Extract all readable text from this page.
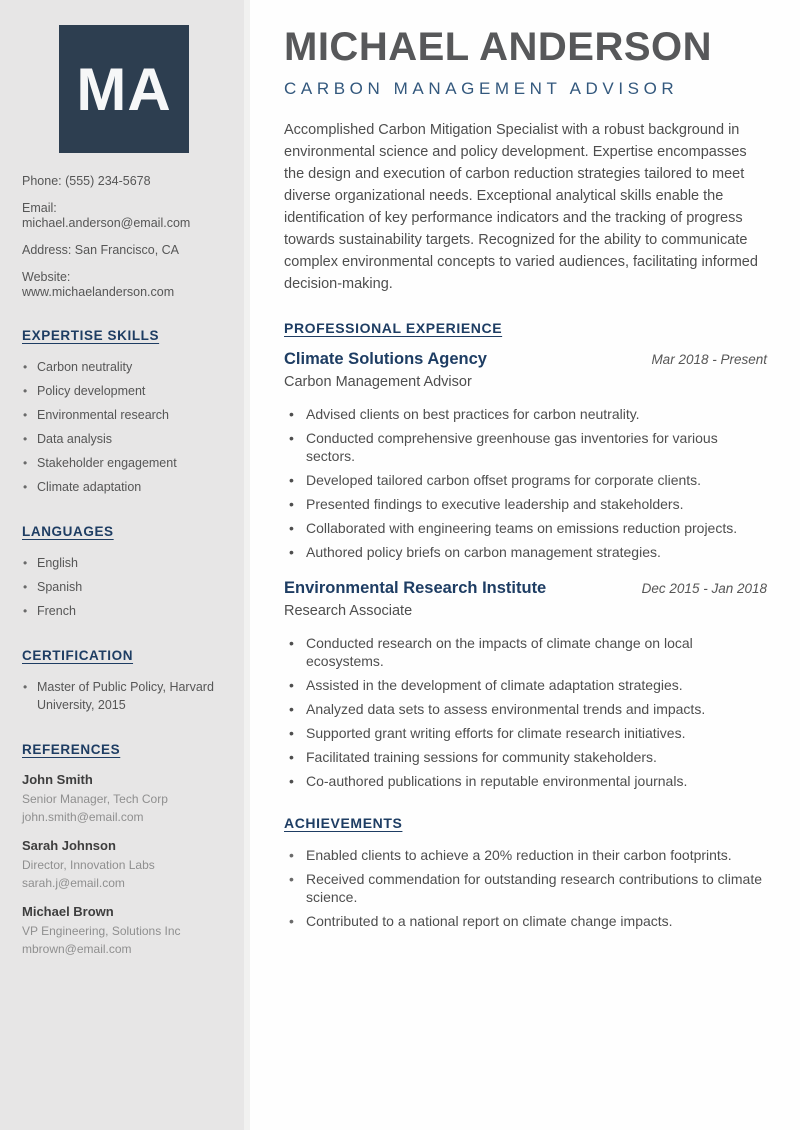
MA

Phone: (555) 234-5678

Email: michael.anderson@email.com

Address: San Francisco, CA

Website: www.michaelanderson.com

EXPERTISE SKILLS
• Carbon neutrality
• Policy development
• Environmental research
• Data analysis
• Stakeholder engagement
• Climate adaptation
LANGUAGES
• English
• Spanish
• French
CERTIFICATION
• Master of Public Policy, Harvard University, 2015
REFERENCES

John Smith

Senior Manager, Tech Corp

john.smith@email.com

Sarah Johnson

Director, Innovation Labs

sarah.j@email.com

Michael Brown

VP Engineering, Solutions Inc

mbrown@email.com

MICHAEL ANDERSON
CARBON MANAGEMENT ADVISOR

Accomplished Carbon Mitigation Specialist with a robust background in environmental science and policy development. Expertise encompasses the design and execution of carbon reduction strategies tailored to meet diverse organizational needs. Exceptional analytical skills enable the identification of key performance indicators and the tracking of progress towards sustainability targets. Recognized for the ability to communicate complex environmental concepts to varied audiences, facilitating informed decision-making.

PROFESSIONAL EXPERIENCE
Climate Solutions Agency	Mar 2018 - Present
Carbon Management Advisor
• Advised clients on best practices for carbon neutrality.
• Conducted comprehensive greenhouse gas inventories for various sectors.
• Developed tailored carbon offset programs for corporate clients.
• Presented findings to executive leadership and stakeholders.
• Collaborated with engineering teams on emissions reduction projects.
• Authored policy briefs on carbon management strategies.
Environmental Research Institute	Dec 2015 - Jan 2018
Research Associate
• Conducted research on the impacts of climate change on local ecosystems.
• Assisted in the development of climate adaptation strategies.
• Analyzed data sets to assess environmental trends and impacts.
• Supported grant writing efforts for climate research initiatives.
• Facilitated training sessions for community stakeholders.
• Co-authored publications in reputable environmental journals.
ACHIEVEMENTS
• Enabled clients to achieve a 20% reduction in their carbon footprints.
• Received commendation for outstanding research contributions to climate science.
• Contributed to a national report on climate change impacts.
